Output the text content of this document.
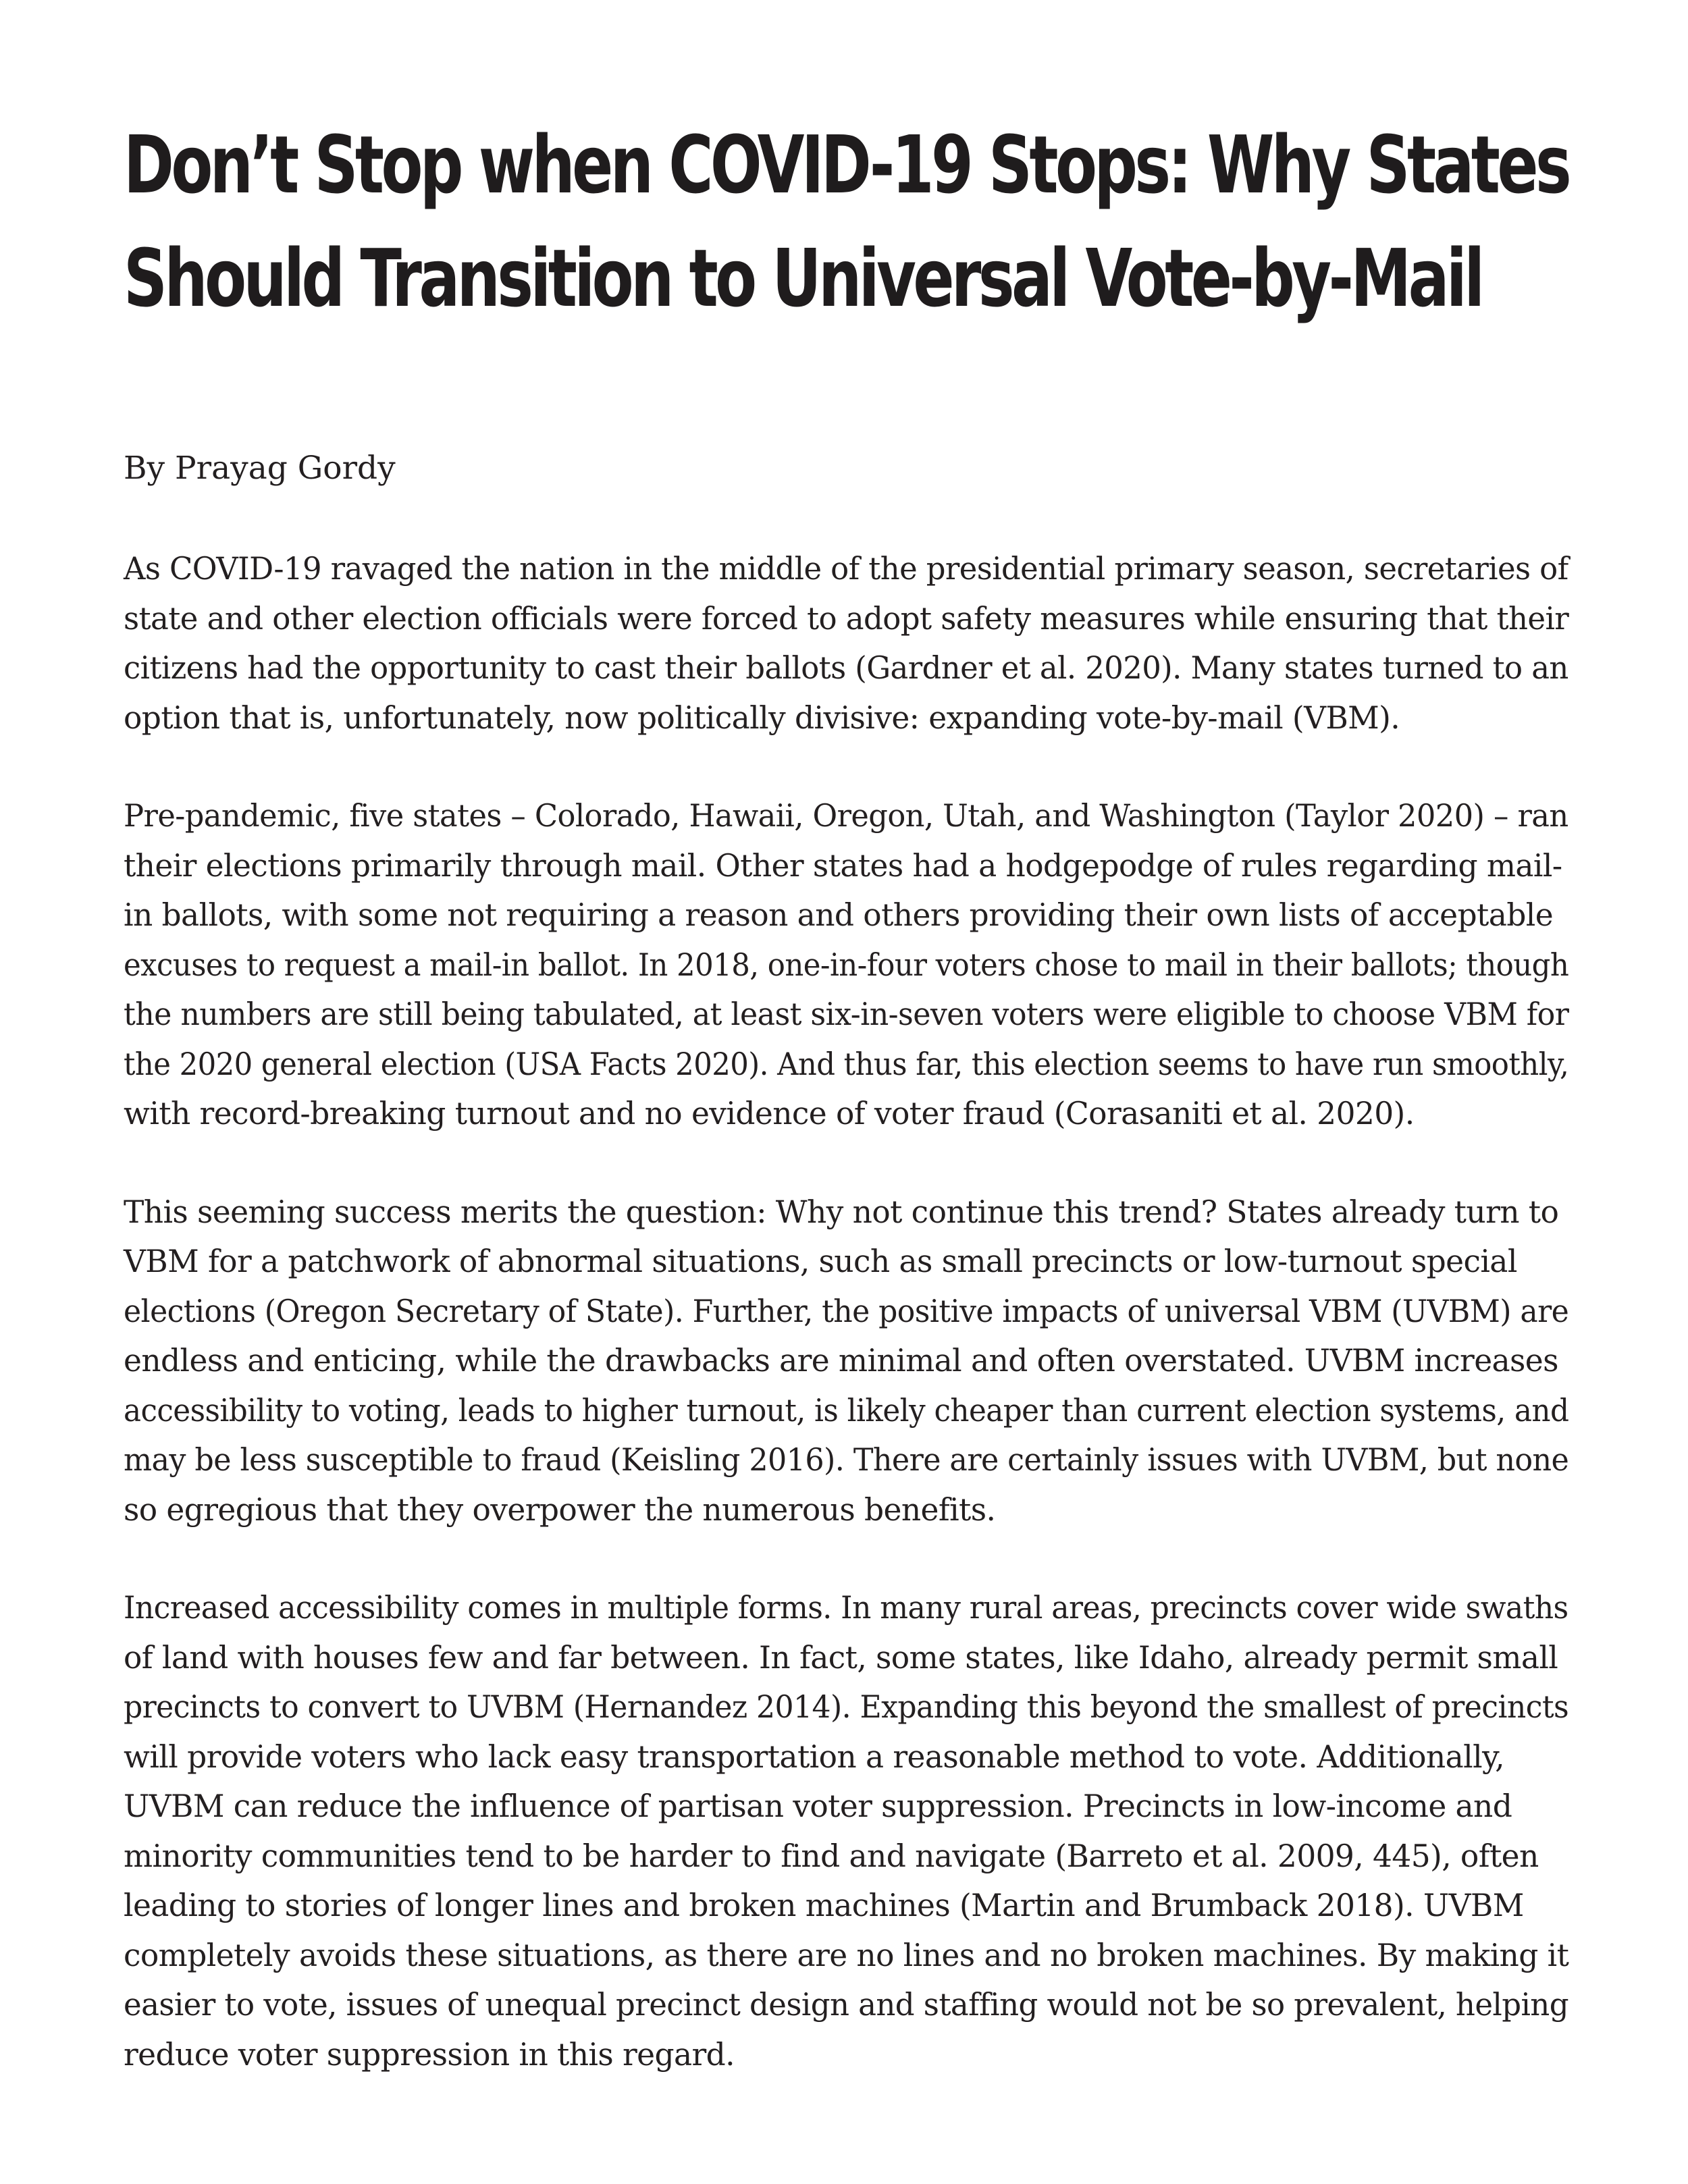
Don’t Stop when COVID-19 Stops: Why States
Should Transition to Universal Vote-by-Mail

By Prayag Gordy

As COVID-19 ravaged the nation in the middle of the presidential primary season, secretaries of
state and other election officials were forced to adopt safety measures while ensuring that their
citizens had the opportunity to cast their ballots (Gardner et al. 2020). Many states turned to an
option that is, unfortunately, now politically divisive: expanding vote-by-mail (VBM).

Pre-pandemic, five states – Colorado, Hawaii, Oregon, Utah, and Washington (Taylor 2020) – ran
their elections primarily through mail. Other states had a hodgepodge of rules regarding mail-
in ballots, with some not requiring a reason and others providing their own lists of acceptable
excuses to request a mail-in ballot. In 2018, one-in-four voters chose to mail in their ballots; though
the numbers are still being tabulated, at least six-in-seven voters were eligible to choose VBM for
the 2020 general election (USA Facts 2020). And thus far, this election seems to have run smoothly,
with record-breaking turnout and no evidence of voter fraud (Corasaniti et al. 2020).

This seeming success merits the question: Why not continue this trend? States already turn to
VBM for a patchwork of abnormal situations, such as small precincts or low-turnout special
elections (Oregon Secretary of State). Further, the positive impacts of universal VBM (UVBM) are
endless and enticing, while the drawbacks are minimal and often overstated. UVBM increases
accessibility to voting, leads to higher turnout, is likely cheaper than current election systems, and
may be less susceptible to fraud (Keisling 2016). There are certainly issues with UVBM, but none
so egregious that they overpower the numerous benefits.

Increased accessibility comes in multiple forms. In many rural areas, precincts cover wide swaths
of land with houses few and far between. In fact, some states, like Idaho, already permit small
precincts to convert to UVBM (Hernandez 2014). Expanding this beyond the smallest of precincts
will provide voters who lack easy transportation a reasonable method to vote. Additionally,
UVBM can reduce the influence of partisan voter suppression. Precincts in low-income and
minority communities tend to be harder to find and navigate (Barreto et al. 2009, 445), often
leading to stories of longer lines and broken machines (Martin and Brumback 2018). UVBM
completely avoids these situations, as there are no lines and no broken machines. By making it
easier to vote, issues of unequal precinct design and staffing would not be so prevalent, helping
reduce voter suppression in this regard.
